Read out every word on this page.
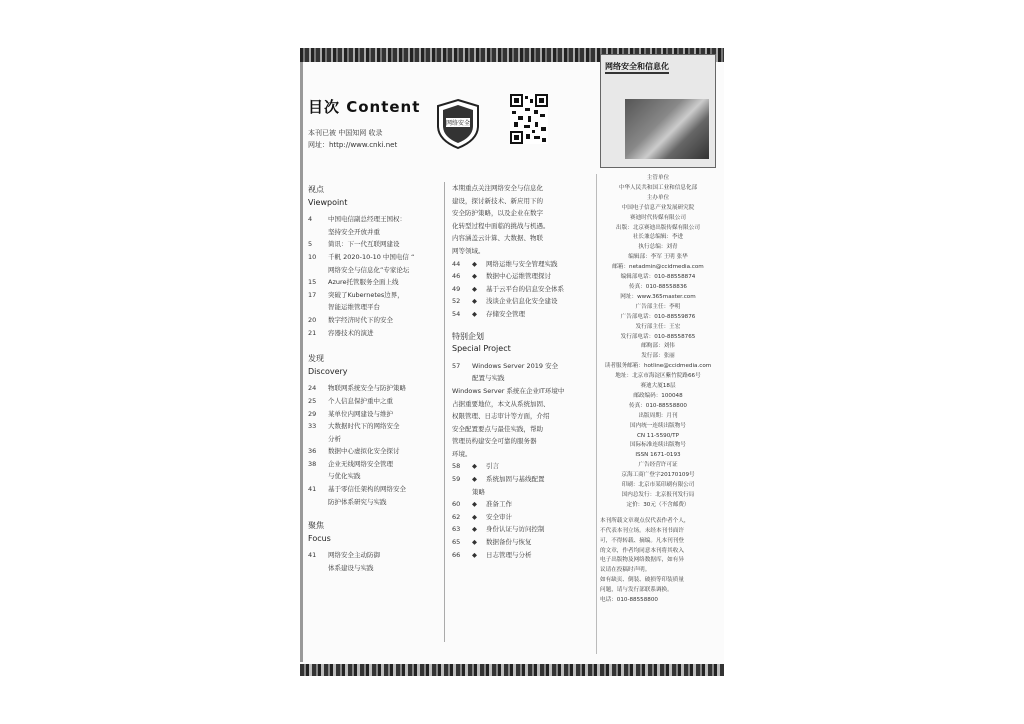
目次 Content
本刊已被 中国知网 收录
网址：http://www.cnki.net
网络安全
网络安全和信息化
视点
Viewpoint
4	中国电信副总经理王国权：
坚持安全开放并重
5	简讯：下一代互联网建设
10	千帆 2020-10-10 中国电信 “
网络安全与信息化”专家论坛
15	Azure托管服务全面上线
17	突破了Kubernetes边界，
智能运维管理平台
20	数字经济时代下的安全
21	容器技术的演进
发现
Discovery
24	物联网系统安全与防护策略
25	个人信息保护重中之重
29	某单位内网建设与维护
33	大数据时代下的网络安全
分析
36	数据中心虚拟化安全探讨
38	企业无线网络安全管理
与优化实践
41	基于零信任架构的网络安全
防护体系研究与实践
聚焦
Focus
41	网络安全主动防御
体系建设与实践
本期重点关注网络安全与信息化
建设，探讨新技术、新应用下的
安全防护策略，以及企业在数字
化转型过程中面临的挑战与机遇。
内容涵盖云计算、大数据、物联
网等领域。
44	◆ 网络运维与安全管理实践
46	◆ 数据中心运维管理探讨
49	◆ 基于云平台的信息安全体系
52	◆ 浅谈企业信息化安全建设
54	◆ 存储安全管理
特别企划
Special Project
57	Windows Server 2019 安全
配置与实践
Windows Server 系统在企业IT环境中
占据重要地位，本文从系统加固、
权限管理、日志审计等方面，介绍
安全配置要点与最佳实践，帮助
管理员构建安全可靠的服务器
环境。
58	◆ 引言
59	◆ 系统加固与基线配置
策略
60	◆ 准备工作
62	◆ 安全审计
63	◆ 身份认证与访问控制
65	◆ 数据备份与恢复
66	◆ 日志管理与分析
主管单位
中华人民共和国工业和信息化部
主办单位
中国电子信息产业发展研究院
赛迪时代传媒有限公司
出版：北京赛迪出版传媒有限公司
社长兼总编辑：李进
执行总编：刘青
编辑部：李军 王明 张华
邮箱：netadmin@ccidmedia.com
编辑部电话：010-88558874
传真：010-88558836
网址：www.365master.com
广告部主任：李明
广告部电话：010-88559876
发行部主任：王宏
发行部电话：010-88558765
邮购部：刘伟
发行部：张丽
读者服务邮箱：hotline@ccidmedia.com
地址：北京市海淀区紫竹院路66号
赛迪大厦18层
邮政编码：100048
传真：010-88558800
出版周期：月刊
国内统一连续出版物号
CN 11-5590/TP
国际标准连续出版物号
ISSN 1671-0193
广告经营许可证
京海工商广登字20170109号
印刷：北京市某印刷有限公司
国内总发行：北京报刊发行局
定价：30元（不含邮费）
本刊所载文章观点仅代表作者个人，
不代表本刊立场。未经本刊书面许
可，不得转载、摘编。凡本刊刊登
的文章，作者均同意本刊将其收入
电子出版物及网络数据库，如有异
议请在投稿时声明。
如有缺页、倒装、破损等印装质量
问题，请与发行部联系调换。
电话：010-88558800
